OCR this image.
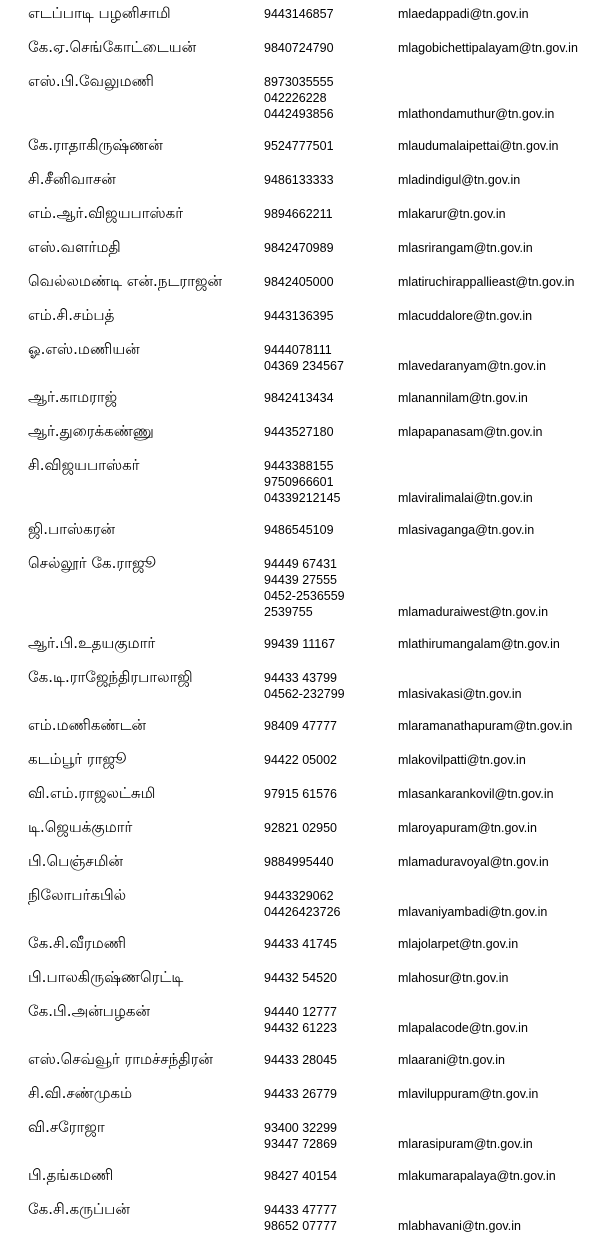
எடப்பாடி பழனிசாமி	9443146857	mlaedappadi@tn.gov.in
கே.ஏ.செங்கோட்டையன்	9840724790	mlagobichettipalayam@tn.gov.in
எஸ்.பி.வேலுமணி	8973035555
042226228
0442493856	mlathondamuthur@tn.gov.in
கே.ராதாகிருஷ்ணன்	9524777501	mlaudumalaipettai@tn.gov.in
சி.சீனிவாசன்	9486133333	mladindigul@tn.gov.in
எம்.ஆர்.விஜயபாஸ்கர்	9894662211	mlakarur@tn.gov.in
எஸ்.வளர்மதி	9842470989	mlasrirangam@tn.gov.in
வெல்லமண்டி என்.நடராஜன்	9842405000	mlatiruchirappallieast@tn.gov.in
எம்.சி.சம்பத்	9443136395	mlacuddalore@tn.gov.in
ஓ.எஸ்.மணியன்	9444078111
04369 234567	mlavedaranyam@tn.gov.in
ஆர்.காமராஜ்	9842413434	mlanannilam@tn.gov.in
ஆர்.துரைக்கண்ணு	9443527180	mlapapanasam@tn.gov.in
சி.விஜயபாஸ்கர்	9443388155
9750966601
04339212145	mlaviralimalai@tn.gov.in
ஜி.பாஸ்கரன்	9486545109	mlasivaganga@tn.gov.in
செல்லூர் கே.ராஜூ	94449 67431
94439 27555
0452-2536559
2539755	mlamaduraiwest@tn.gov.in
ஆர்.பி.உதயகுமார்	99439 11167	mlathirumangalam@tn.gov.in
கே.டி.ராஜேந்திரபாலாஜி	94433 43799
04562-232799	mlasivakasi@tn.gov.in
எம்.மணிகண்டன்	98409 47777	mlaramanathapuram@tn.gov.in
கடம்பூர் ராஜூ	94422 05002	mlakovilpatti@tn.gov.in
வி.எம்.ராஜலட்சுமி	97915 61576	mlasankarankovil@tn.gov.in
டி.ஜெயக்குமார்	92821 02950	mlaroyapuram@tn.gov.in
பி.பெஞ்சமின்	9884995440	mlamaduravoyal@tn.gov.in
நிலோபர்கபில்	9443329062
04426423726	mlavaniyambadi@tn.gov.in
கே.சி.வீரமணி	94433 41745	mlajolarpet@tn.gov.in
பி.பாலகிருஷ்ணரெட்டி	94432 54520	mlahosur@tn.gov.in
கே.பி.அன்பழகன்	94440 12777
94432 61223	mlapalacode@tn.gov.in
எஸ்.செவ்வூர் ராமச்சந்திரன்	94433 28045	mlaarani@tn.gov.in
சி.வி.சண்முகம்	94433 26779	mlaviluppuram@tn.gov.in
வி.சரோஜா	93400 32299
93447 72869	mlarasipuram@tn.gov.in
பி.தங்கமணி	98427 40154	mlakumarapalaya@tn.gov.in
கே.சி.கருப்பன்	94433 47777
98652 07777	mlabhavani@tn.gov.in
